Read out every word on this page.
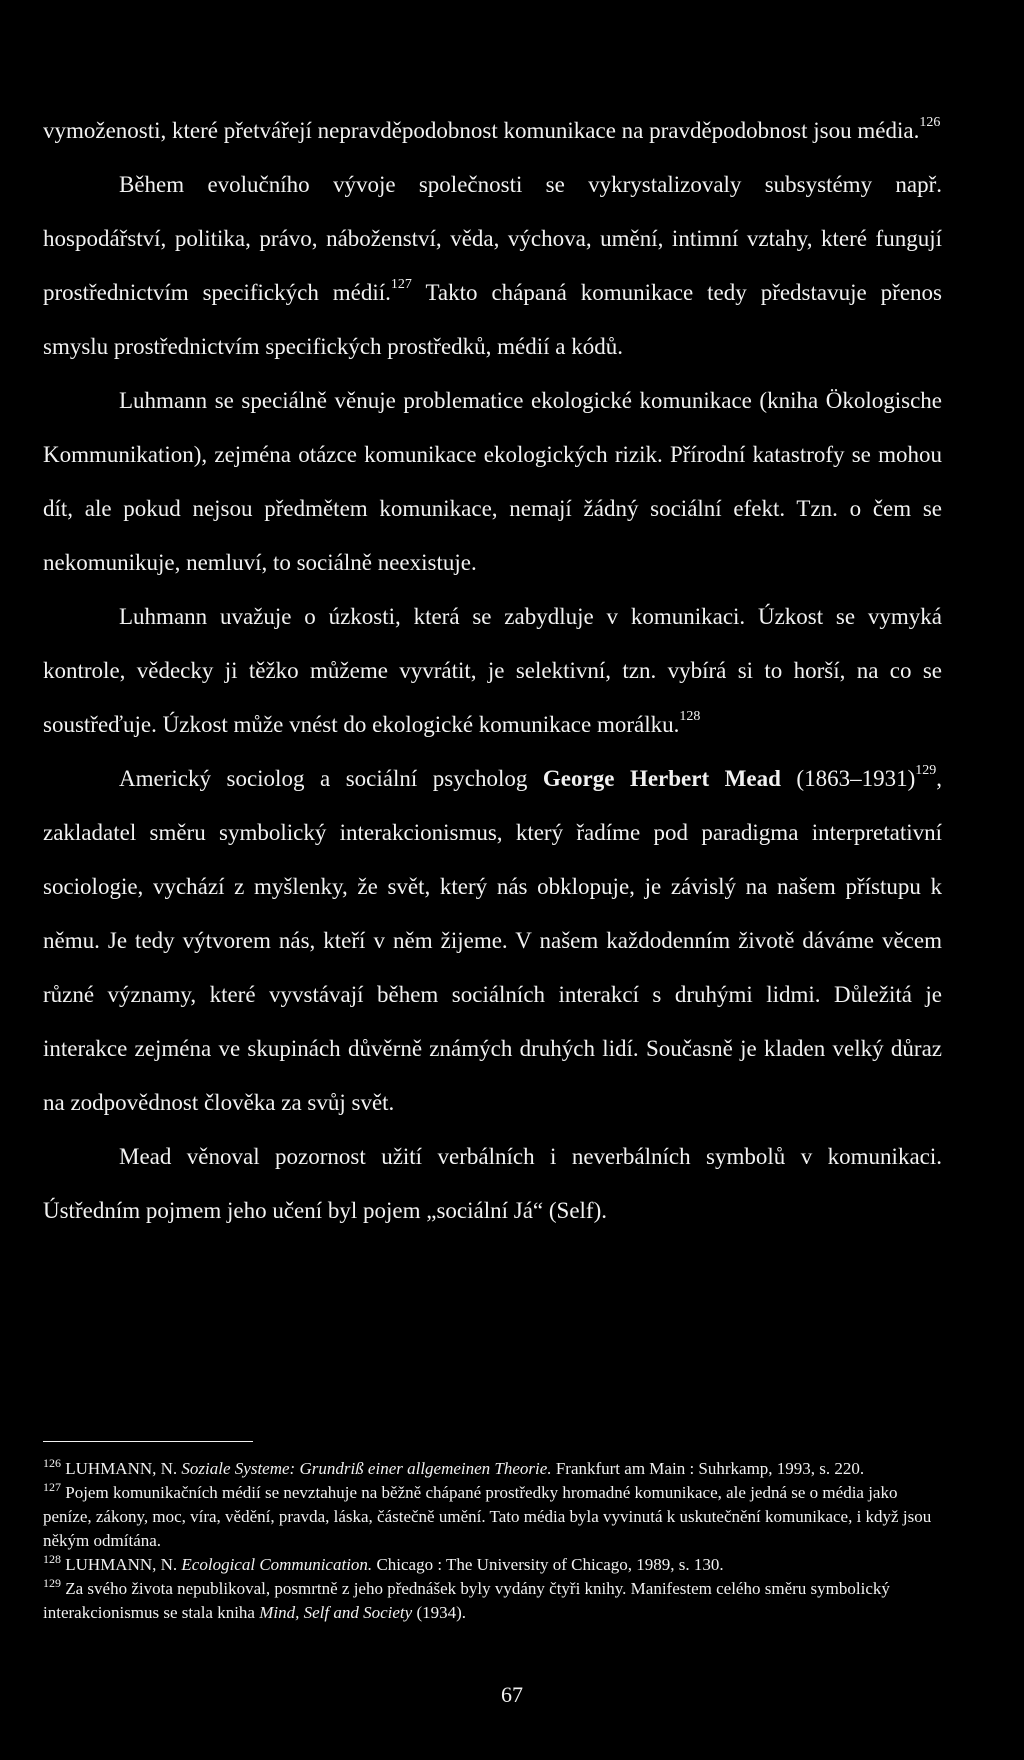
vymoženosti, které přetvářejí nepravděpodobnost komunikace na pravděpodobnost jsou média.$^{126}$

Během evolučního vývoje společnosti se vykrystalizovaly subsystémy např. hospodářství, politika, právo, náboženství, věda, výchova, umění, intimní vztahy, které fungují prostřednictvím specifických médií.$^{127}$ Takto chápaná komunikace tedy představuje přenos smyslu prostřednictvím specifických prostředků, médií a kódů.

Luhmann se speciálně věnuje problematice ekologické komunikace (kniha Ökologische Kommunikation), zejména otázce komunikace ekologických rizik. Přírodní katastrofy se mohou dít, ale pokud nejsou předmětem komunikace, nemají žádný sociální efekt. Tzn. o čem se nekomunikuje, nemluví, to sociálně neexistuje.

Luhmann uvažuje o úzkosti, která se zabydluje v komunikaci. Úzkost se vymyká kontrole, vědecky ji těžko můžeme vyvrátit, je selektivní, tzn. vybírá si to horší, na co se soustřeďuje. Úzkost může vnést do ekologické komunikace morálku.$^{128}$

Americký sociolog a sociální psycholog George Herbert Mead (1863–1931)$^{129}$, zakladatel směru symbolický interakcionismus, který řadíme pod paradigma interpretativní sociologie, vychází z myšlenky, že svět, který nás obklopuje, je závislý na našem přístupu k němu. Je tedy výtvorem nás, kteří v něm žijeme. V našem každodenním životě dáváme věcem různé významy, které vyvstávají během sociálních interakcí s druhými lidmi. Důležitá je interakce zejména ve skupinách důvěrně známých druhých lidí. Současně je kladen velký důraz na zodpovědnost člověka za svůj svět.

Mead věnoval pozornost užití verbálních i neverbálních symbolů v komunikaci. Ústředním pojmem jeho učení byl pojem „sociální Já“ (Self).

$^{126}$ LUHMANN, N. Soziale Systeme: Grundriß einer allgemeinen Theorie. Frankfurt am Main : Suhrkamp, 1993, s. 220.

$^{127}$ Pojem komunikačních médií se nevztahuje na běžně chápané prostředky hromadné komunikace, ale jedná se o média jako peníze, zákony, moc, víra, vědění, pravda, láska, částečně umění. Tato média byla vyvinutá k uskutečnění komunikace, i když jsou někým odmítána.

$^{128}$ LUHMANN, N. Ecological Communication. Chicago : The University of Chicago, 1989, s. 130.

$^{129}$ Za svého života nepublikoval, posmrtně z jeho přednášek byly vydány čtyři knihy. Manifestem celého směru symbolický interakcionismus se stala kniha Mind, Self and Society (1934).

67
